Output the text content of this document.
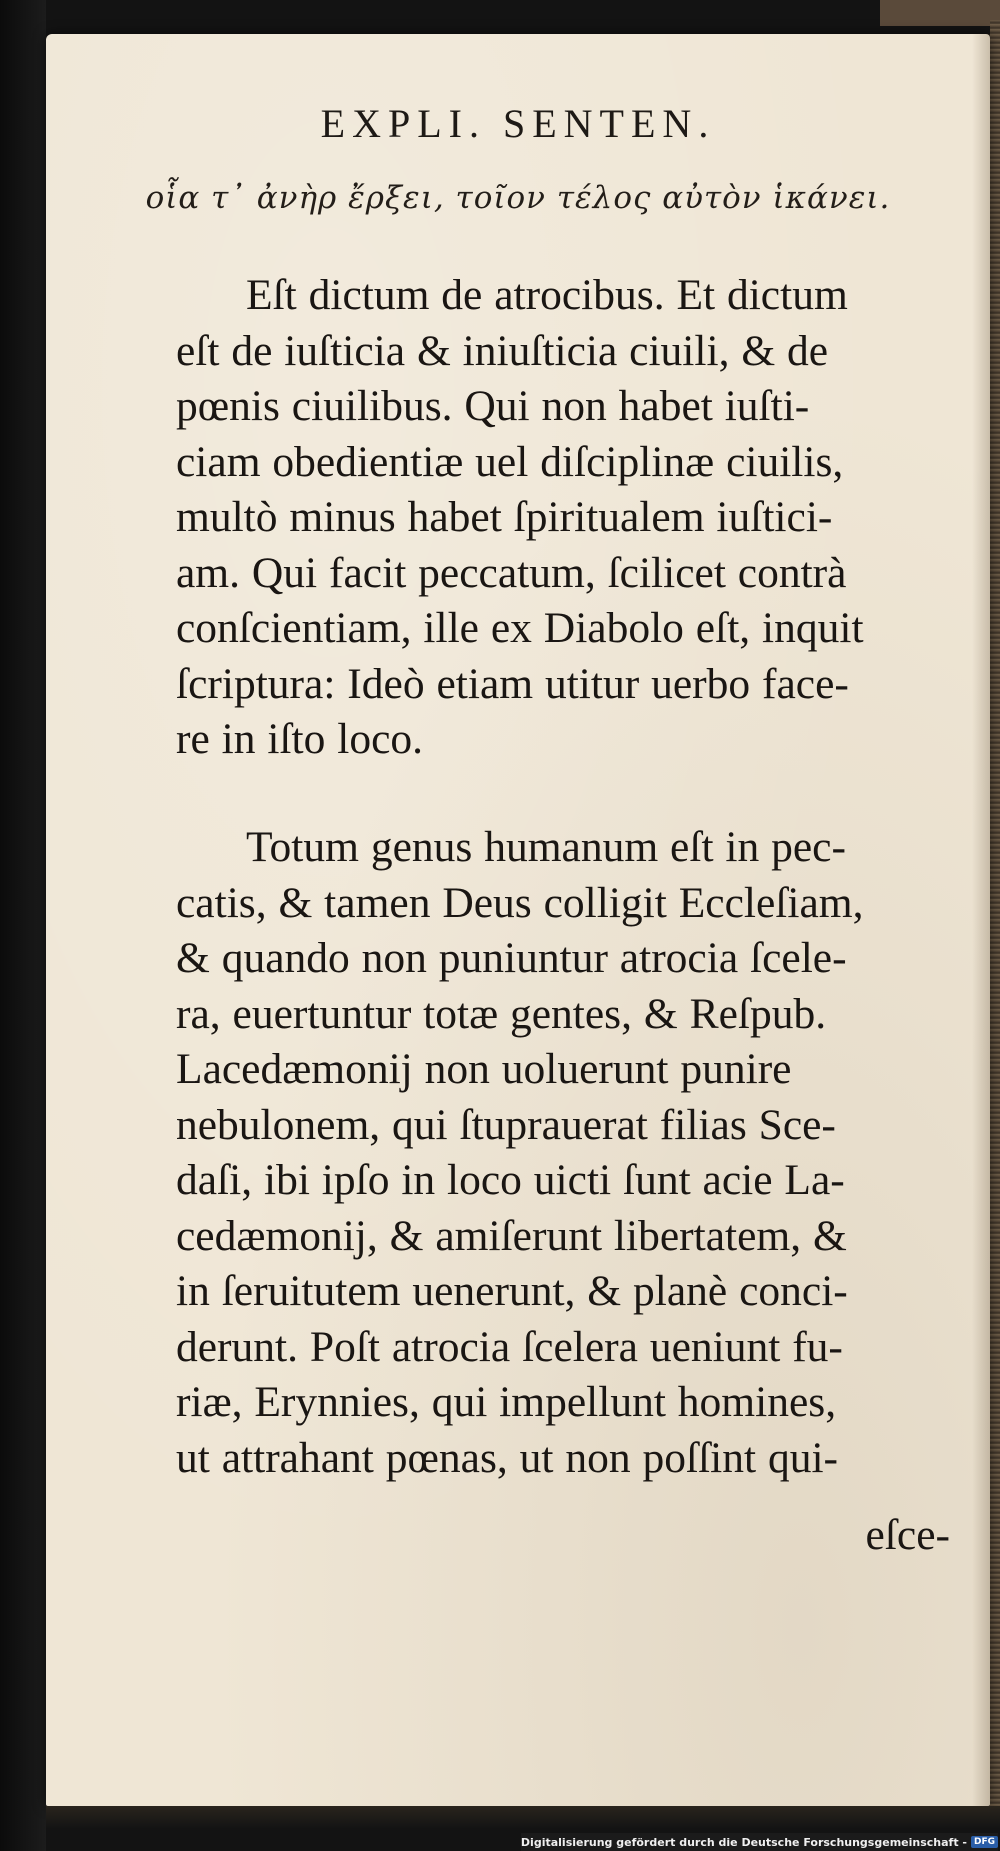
EXPLI. SENTEN.
οἷα τ᾽ ἀνὴρ ἔρξει, τοῖον τέλος αὐτὸν ἱκάνει.
Eſt dictum de atrocibus. Et dictum
eſt de iuſticia & iniuſticia ciuili, & de
pœnis ciuilibus. Qui non habet iuſti-
ciam obedientiæ uel diſciplinæ ciuilis,
multò minus habet ſpiritualem iuſtici-
am. Qui facit peccatum, ſcilicet contrà
conſcientiam, ille ex Diabolo eſt, inquit
ſcriptura: Ideò etiam utitur uerbo face-
re in iſto loco.
Totum genus humanum eſt in pec-
catis, & tamen Deus colligit Eccleſiam,
& quando non puniuntur atrocia ſcele-
ra, euertuntur totæ gentes, & Reſpub.
Lacedæmonij non uoluerunt punire
nebulonem, qui ſtuprauerat filias Sce-
daſi, ibi ipſo in loco uicti ſunt acie La-
cedæmonij, & amiſerunt libertatem, &
in ſeruitutem uenerunt, & planè conci-
derunt. Poſt atrocia ſcelera ueniunt fu-
riæ, Erynnies, qui impellunt homines,
ut attrahant pœnas, ut non poſſint qui-
eſce-
Digitalisierung gefördert durch die Deutsche Forschungsgemeinschaft - DFG
